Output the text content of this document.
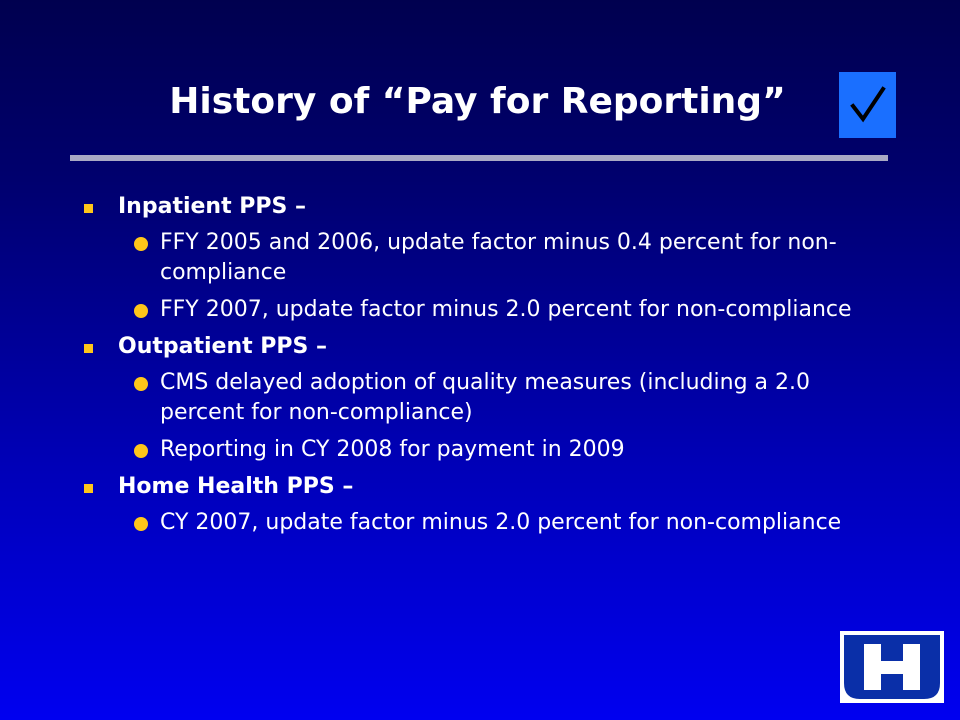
History of “Pay for Reporting”
Inpatient PPS –
FFY 2005 and 2006, update factor minus 0.4 percent for non-compliance
FFY 2007, update factor minus 2.0 percent for non-compliance
Outpatient PPS –
CMS delayed adoption of quality measures (including a 2.0 percent for non-compliance)
Reporting in CY 2008 for payment in 2009
Home Health PPS –
CY 2007, update factor minus 2.0 percent for non-compliance
